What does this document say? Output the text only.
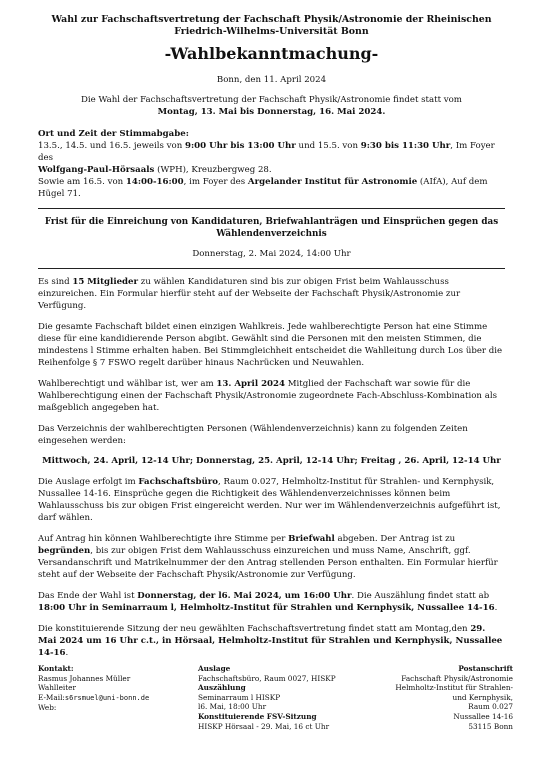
Wahl zur Fachschaftsvertretung der Fachschaft Physik/Astronomie der Rheinischen
Friedrich-Wilhelms-Universität Bonn
-Wahlbekanntmachung-

Bonn, den 11. April 2024

Die Wahl der Fachschaftsvertretung der Fachschaft Physik/Astronomie findet statt vom

Montag, 13. Mai bis Donnerstag, 16. Mai 2024.

Ort und Zeit der Stimmabgabe:

13.5., 14.5. und 16.5. jeweils von 9:00 Uhr bis 13:00 Uhr und 15.5. von 9:30 bis 11:30 Uhr, Im Foyer des

Wolfgang-Paul-Hörsaals (WPH), Kreuzbergweg 28.

Sowie am 16.5. von 14:00-16:00, im Foyer des Argelander Institut für Astronomie (AIfA), Auf dem Hügel 71.

Frist für die Einreichung von Kandidaturen, Briefwahlanträgen und Einsprüchen gegen das Wählendenverzeichnis

Donnerstag, 2. Mai 2024, 14:00 Uhr

Es sind 15 Mitglieder zu wählen Kandidaturen sind bis zur obigen Frist beim Wahlausschuss einzureichen. Ein Formular hierfür steht auf der Webseite der Fachschaft Physik/Astronomie zur Verfügung.

Die gesamte Fachschaft bildet einen einzigen Wahlkreis. Jede wahlberechtigte Person hat eine Stimme diese für eine kandidierende Person abgibt. Gewählt sind die Personen mit den meisten Stimmen, die mindestens l Stimme erhalten haben. Bei Stimmgleichheit entscheidet die Wahlleitung durch Los über die Reihenfolge § 7 FSWO regelt darüber hinaus Nachrücken und Neuwahlen.

Wahlberechtigt und wählbar ist, wer am 13. April 2024 Mitglied der Fachschaft war sowie für die Wahlberechtigung einen der Fachschaft Physik/Astronomie zugeordnete Fach-Abschluss-Kombination als maßgeblich angegeben hat.

Das Verzeichnis der wahlberechtigten Personen (Wählendenverzeichnis) kann zu folgenden Zeiten eingesehen werden:

Mittwoch, 24. April, 12-14 Uhr; Donnerstag, 25. April, 12-14 Uhr; Freitag , 26. April, 12-14 Uhr

Die Auslage erfolgt im Fachschaftsbüro, Raum 0.027, Helmholtz-Institut für Strahlen- und Kernphysik, Nussallee 14-16. Einsprüche gegen die Richtigkeit des Wählendenverzeichnisses können beim Wahlausschuss bis zur obigen Frist eingereicht werden. Nur wer im Wählendenverzeichnis aufgeführt ist, darf wählen.

Auf Antrag hin können Wahlberechtigte ihre Stimme per Briefwahl abgeben. Der Antrag ist zu begründen, bis zur obigen Frist dem Wahlausschuss einzureichen und muss Name, Anschrift, ggf. Versandanschrift und Matrikelnummer der den Antrag stellenden Person enthalten. Ein Formular hierfür steht auf der Webseite der Fachschaft Physik/Astronomie zur Verfügung.

Das Ende der Wahl ist Donnerstag, der l6. Mai 2024, um 16:00 Uhr. Die Auszählung findet statt ab 18:00 Uhr in Seminarraum l, Helmholtz-Institut für Strahlen und Kernphysik, Nussallee 14-16.

Die konstituierende Sitzung der neu gewählten Fachschaftsvertretung findet statt am Montag,den 29. Mai 2024 um 16 Uhr c.t., in Hörsaal, Helmholtz-Institut für Strahlen und Kernphysik, Nussallee 14-16.

Kontakt:
Rasmus Johannes Müller
Wahlleiter
E-Mail:s6rsmuel@uni-bonn.de
Web:
Auslage
Fachschaftsbüro, Raum 0027, HISKP
Auszählung
Seminarraum l HISKP
l6. Mai, 18:00 Uhr
Konstituierende FSV-Sitzung
HISKP Hörsaal - 29. Mai, 16 ct Uhr
Postanschrift
Fachschaft Physik/Astronomie
Helmholtz-Institut für Strahlen-
und Kernphysik,
Raum 0.027
Nussallee 14-16
53115 Bonn
